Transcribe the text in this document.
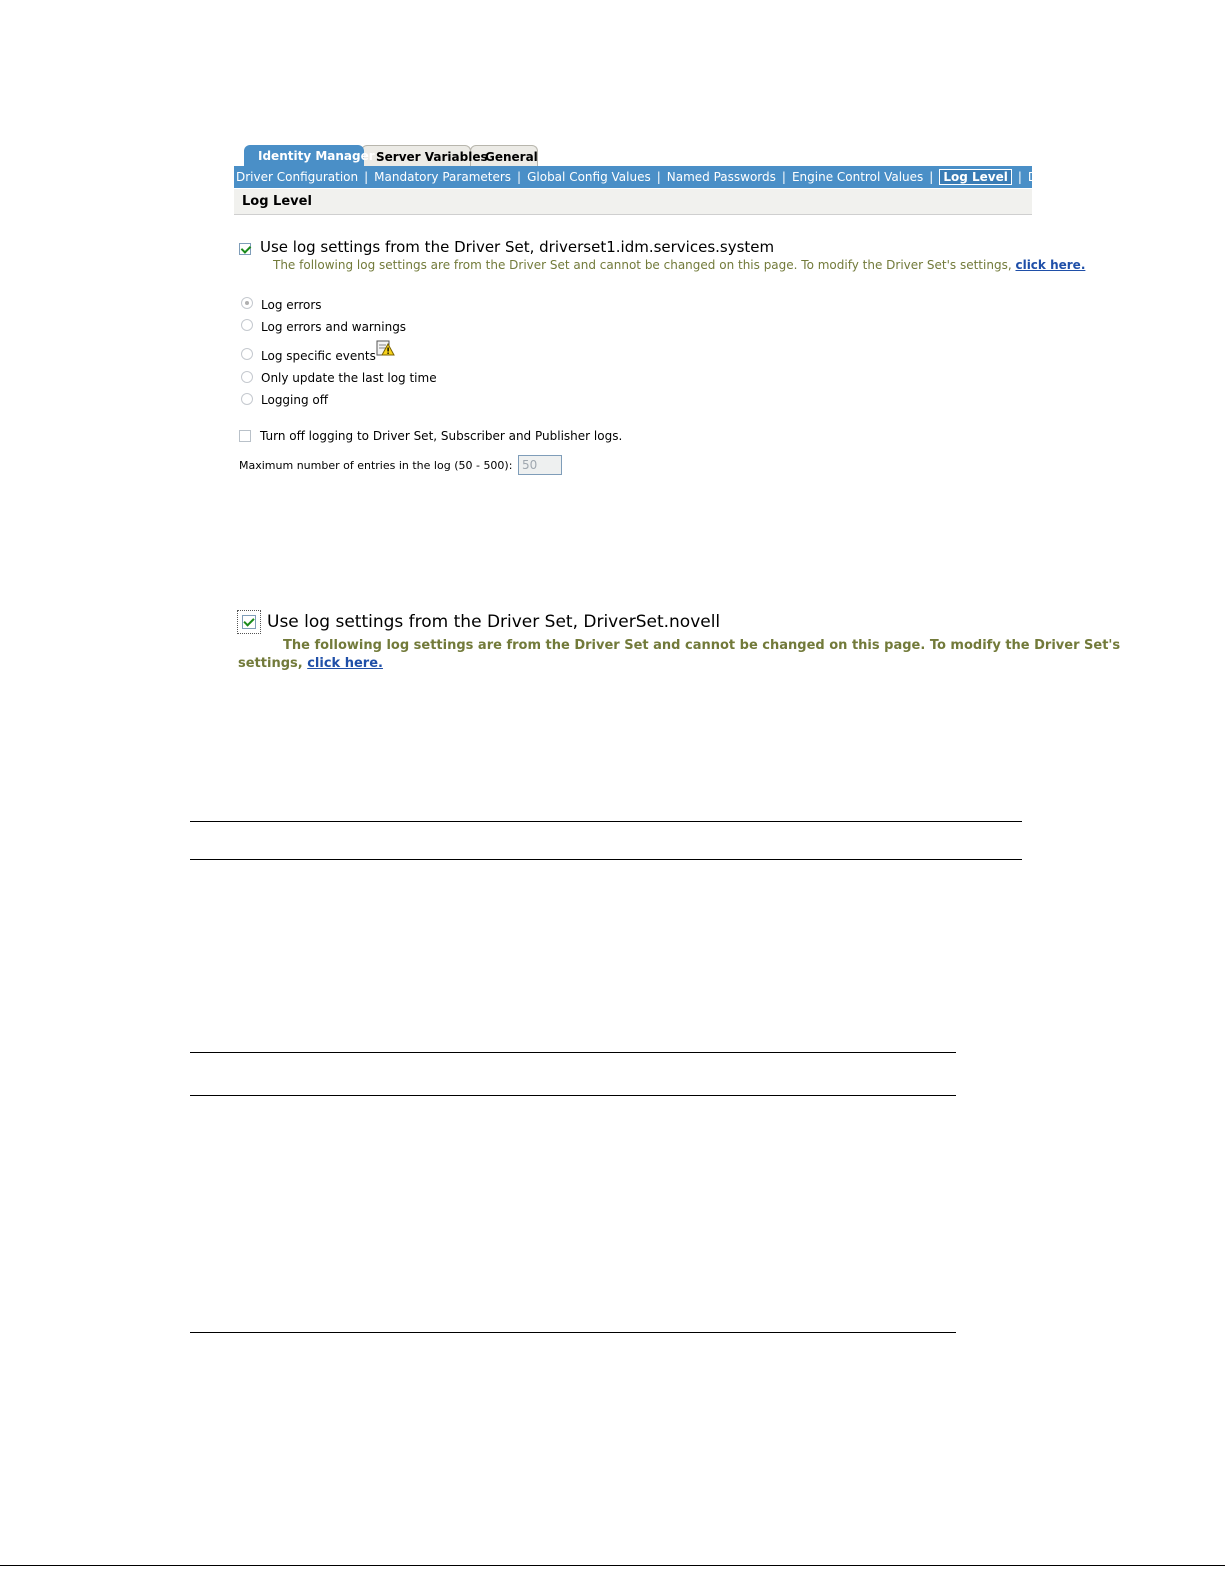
General
Server Variables
Identity Manager
Driver Configuration | Mandatory Parameters | Global Config Values | Named Passwords | Engine Control Values | Log Level | Driver Image
Log Level
Use log settings from the Driver Set, driverset1.idm.services.system
The following log settings are from the Driver Set and cannot be changed on this page. To modify the Driver Set's settings, click here.
Log errors
Log errors and warnings
Log specific events
Only update the last log time
Logging off
Turn off logging to Driver Set, Subscriber and Publisher logs.
Maximum number of entries in the log (50 - 500): 50
Use log settings from the Driver Set, DriverSet.novell
The following log settings are from the Driver Set and cannot be changed on this page. To modify the Driver Set's
settings, click here.
